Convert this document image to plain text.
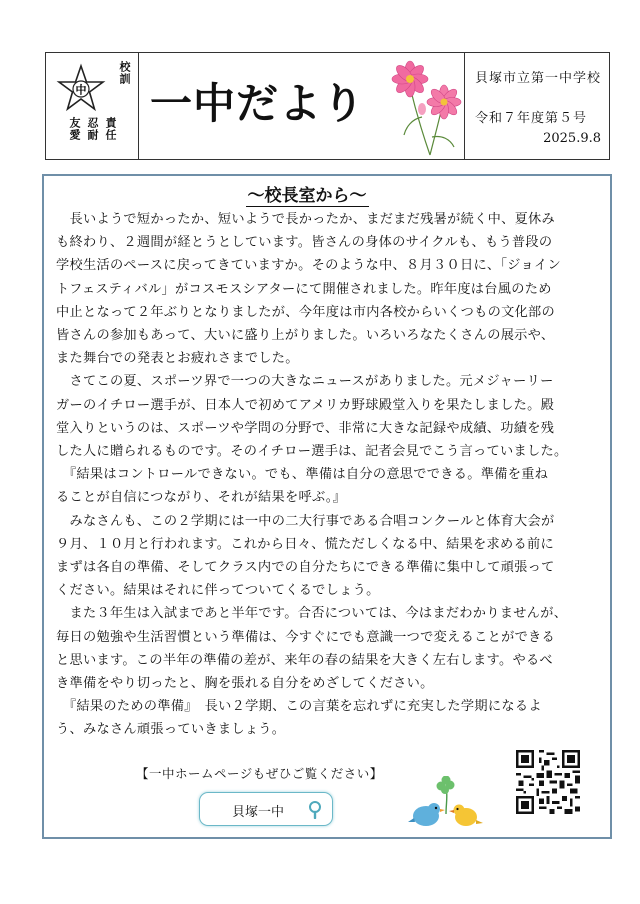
中
校訓
責任
忍耐
友愛
一中だより
貝塚市立第一中学校
令和７年度第５号
2025.9.8
～校長室から～

　長いようで短かったか、短いようで長かったか、まだまだ残暑が続く中、夏休み

も終わり、２週間が経とうとしています。皆さんの身体のサイクルも、もう普段の

学校生活のペースに戻ってきていますか。そのような中、８月３０日に、「ジョイン

トフェスティバル」がコスモスシアターにて開催されました。昨年度は台風のため

中止となって２年ぶりとなりましたが、今年度は市内各校からいくつもの文化部の

皆さんの参加もあって、大いに盛り上がりました。いろいろなたくさんの展示や、

また舞台での発表とお疲れさまでした。

　さてこの夏、スポーツ界で一つの大きなニュースがありました。元メジャーリー

ガーのイチロー選手が、日本人で初めてアメリカ野球殿堂入りを果たしました。殿

堂入りというのは、スポーツや学問の分野で、非常に大きな記録や成績、功績を残

した人に贈られるものです。そのイチロー選手は、記者会見でこう言っていました。

　『結果はコントロールできない。でも、準備は自分の意思でできる。準備を重ね

ることが自信につながり、それが結果を呼ぶ。』

　みなさんも、この２学期には一中の二大行事である合唱コンクールと体育大会が

９月、１０月と行われます。これから日々、慌ただしくなる中、結果を求める前に

まずは各自の準備、そしてクラス内での自分たちにできる準備に集中して頑張って

ください。結果はそれに伴ってついてくるでしょう。

　また３年生は入試まであと半年です。合否については、今はまだわかりませんが、

毎日の勉強や生活習慣という準備は、今すぐにでも意識一つで変えることができる

と思います。この半年の準備の差が、来年の春の結果を大きく左右します。やるべ

き準備をやり切ったと、胸を張れる自分をめざしてください。

　『結果のための準備』　長い２学期、この言葉を忘れずに充実した学期になるよ

う、みなさん頑張っていきましょう。

【一中ホームページもぜひご覧ください】
貝塚一中
